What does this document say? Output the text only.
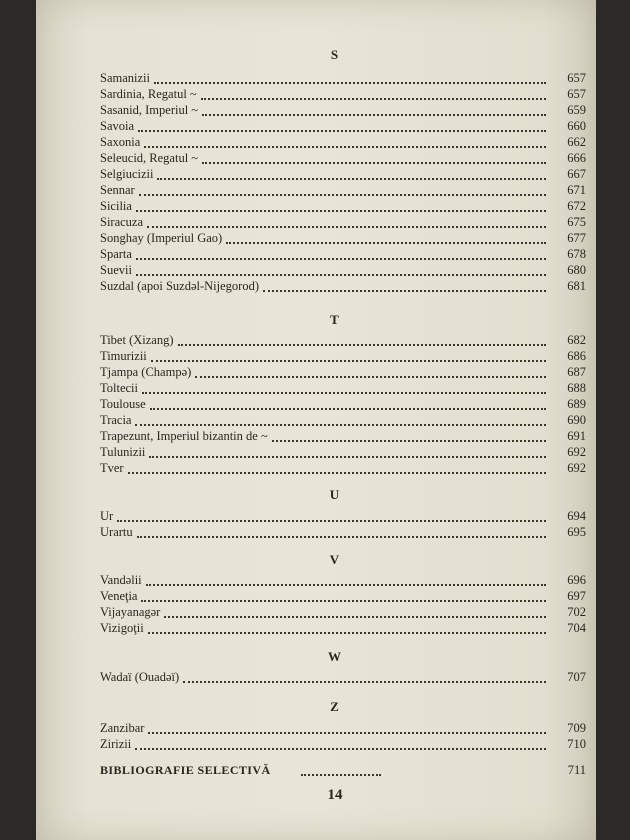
S
Samanizii	657
Sardinia, Regatul ~	657
Sasanid, Imperiul ~	659
Savoia	660
Saxonia	662
Seleucid, Regatul ~	666
Selgiucizii	667
Sennar	671
Sicilia	672
Siracuza	675
Songhay (Imperiul Gao)	677
Sparta	678
Suevii	680
Suzdal (apoi Suzdəl-Nijegorod)	681
T
Tibet (Xizang)	682
Timurizii	686
Tjampa (Champə)	687
Toltecii	688
Toulouse	689
Tracia	690
Trapezunt, Imperiul bizantin de ~	691
Tulunizii	692
Tver	692
U
Ur	694
Urartu	695
V
Vandəlii	696
Veneţia	697
Vijayanagər	702
Vizigoţii	704
W
Wadaï (Ouadəï)	707
Z
Zanzibar	709
Zirizii	710
BIBLIOGRAFIE SELECTIVĂ	711
14
